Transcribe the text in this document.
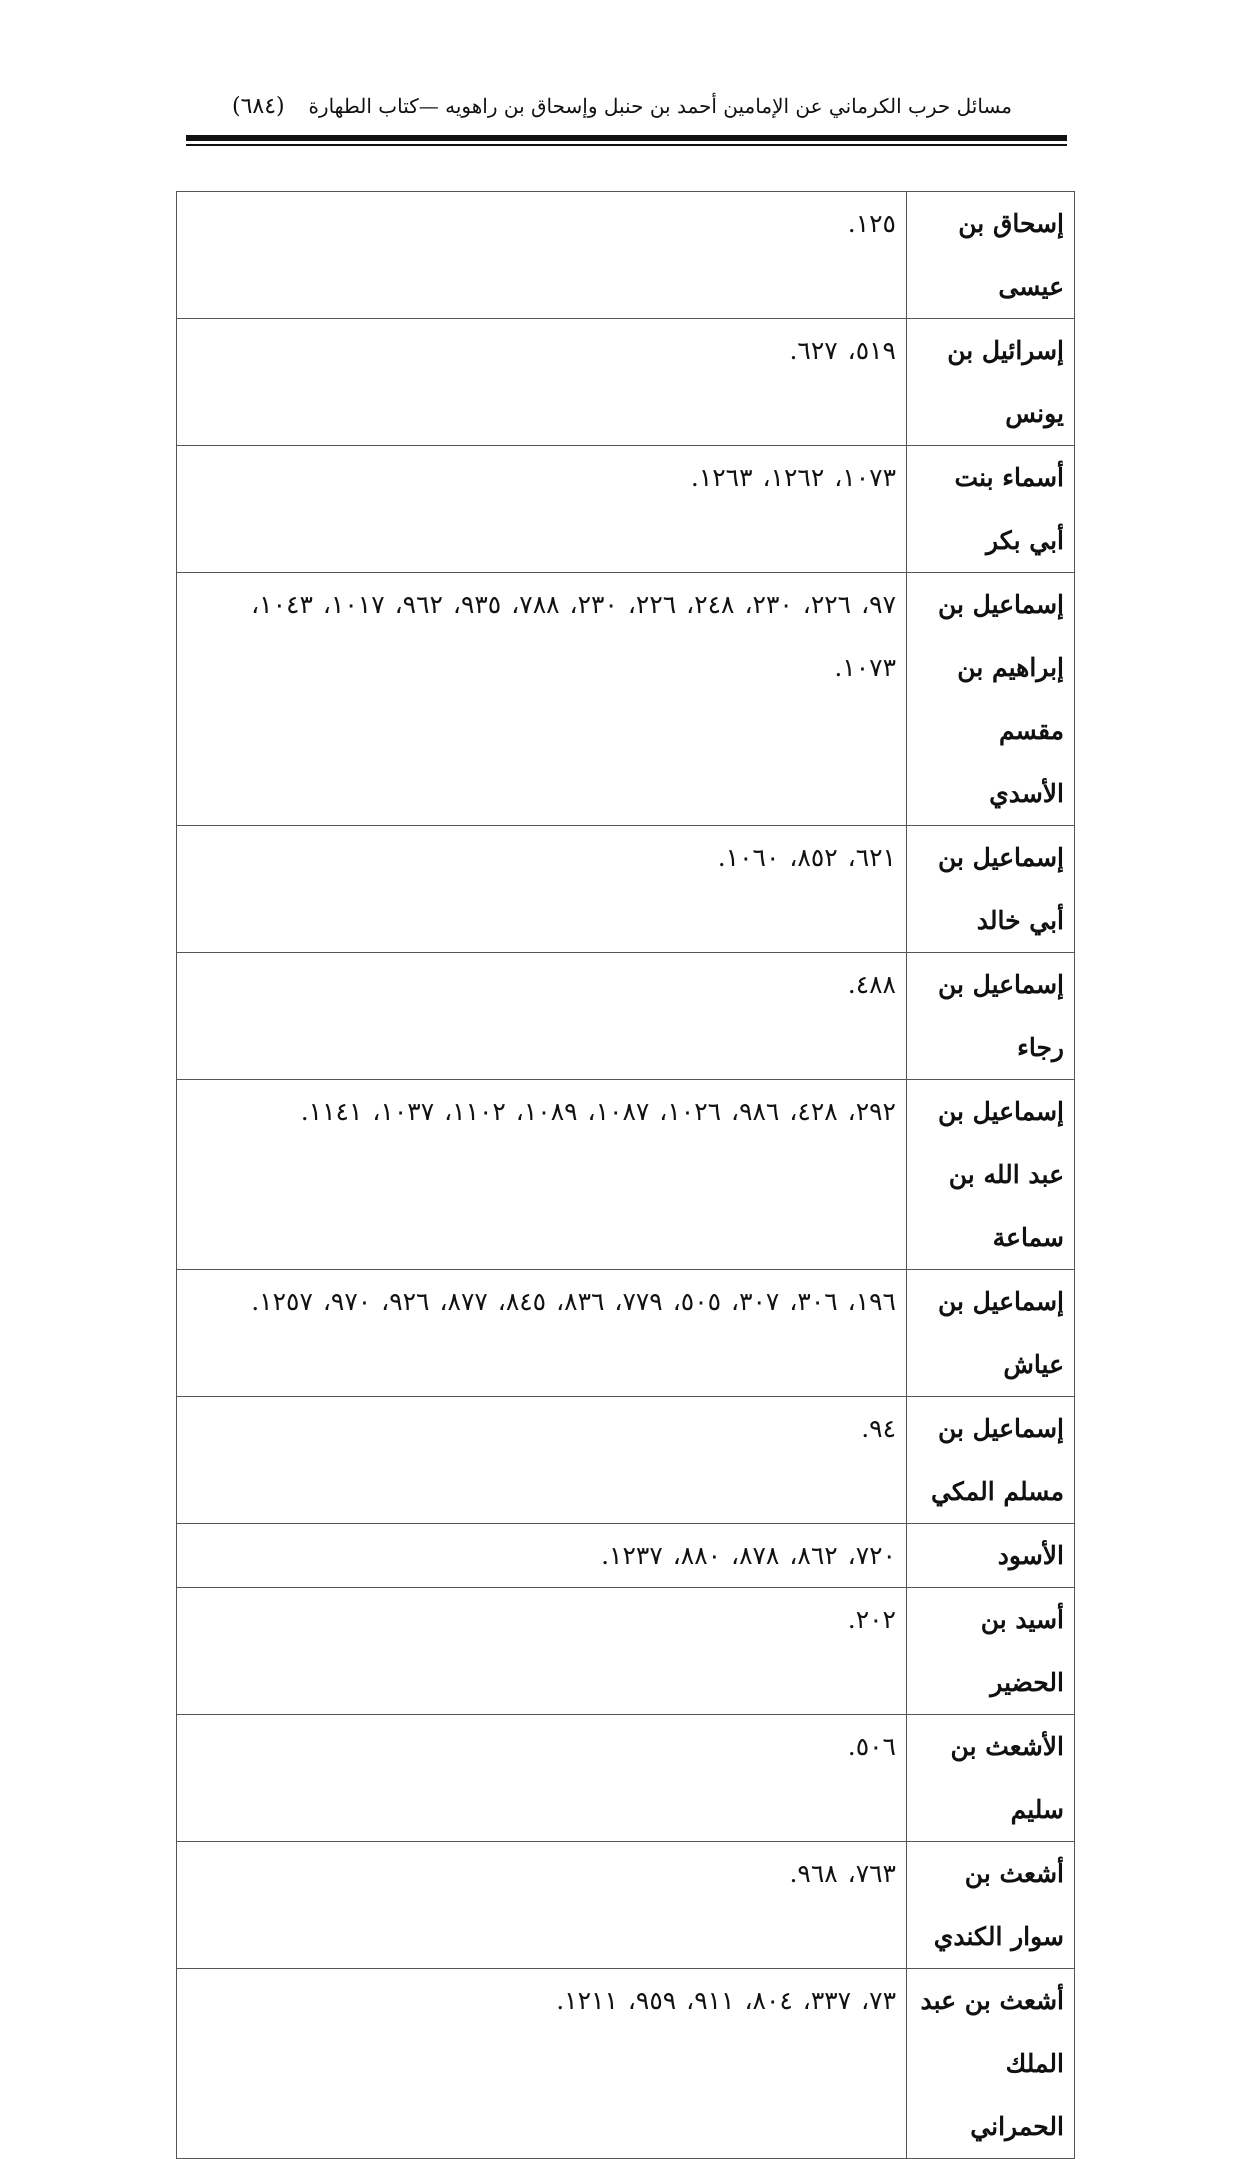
مسائل حرب الكرماني عن الإمامين أحمد بن حنبل وإسحاق بن راهويه —كتاب الطهارة
(٦٨٤)
إسحاق بن عيسى	١٢٥.

إسرائيل بن يونس	٥١٩، ٦٢٧.

أسماء بنت أبي بكر	١٠٧٣، ١٢٦٢، ١٢٦٣.

إسماعيل بن إبراهيم بن مقسم الأسدي	٩٧، ٢٢٦، ٢٣٠، ٢٤٨، ٢٢٦، ٢٣٠، ٧٨٨، ٩٣٥، ٩٦٢، ١٠١٧، ١٠٤٣، ١٠٧٣.

إسماعيل بن أبي خالد	٦٢١، ٨٥٢، ١٠٦٠.

إسماعيل بن رجاء	٤٨٨.

إسماعيل بن عبد الله بن سماعة	٢٩٢، ٤٢٨، ٩٨٦، ١٠٢٦، ١٠٨٧، ١٠٨٩، ١١٠٢، ١٠٣٧، ١١٤١.

إسماعيل بن عياش	١٩٦، ٣٠٦، ٣٠٧، ٥٠٥، ٧٧٩، ٨٣٦، ٨٤٥، ٨٧٧، ٩٢٦، ٩٧٠، ١٢٥٧.

إسماعيل بن مسلم المكي	٩٤.

الأسود	٧٢٠، ٨٦٢، ٨٧٨، ٨٨٠، ١٢٣٧.

أسيد بن الحضير	٢٠٢.

الأشعث بن سليم	٥٠٦.

أشعث بن سوار الكندي	٧٦٣، ٩٦٨.

أشعث بن عبد الملك الحمراني	٧٣، ٣٣٧، ٨٠٤، ٩١١، ٩٥٩، ١٢١١.
